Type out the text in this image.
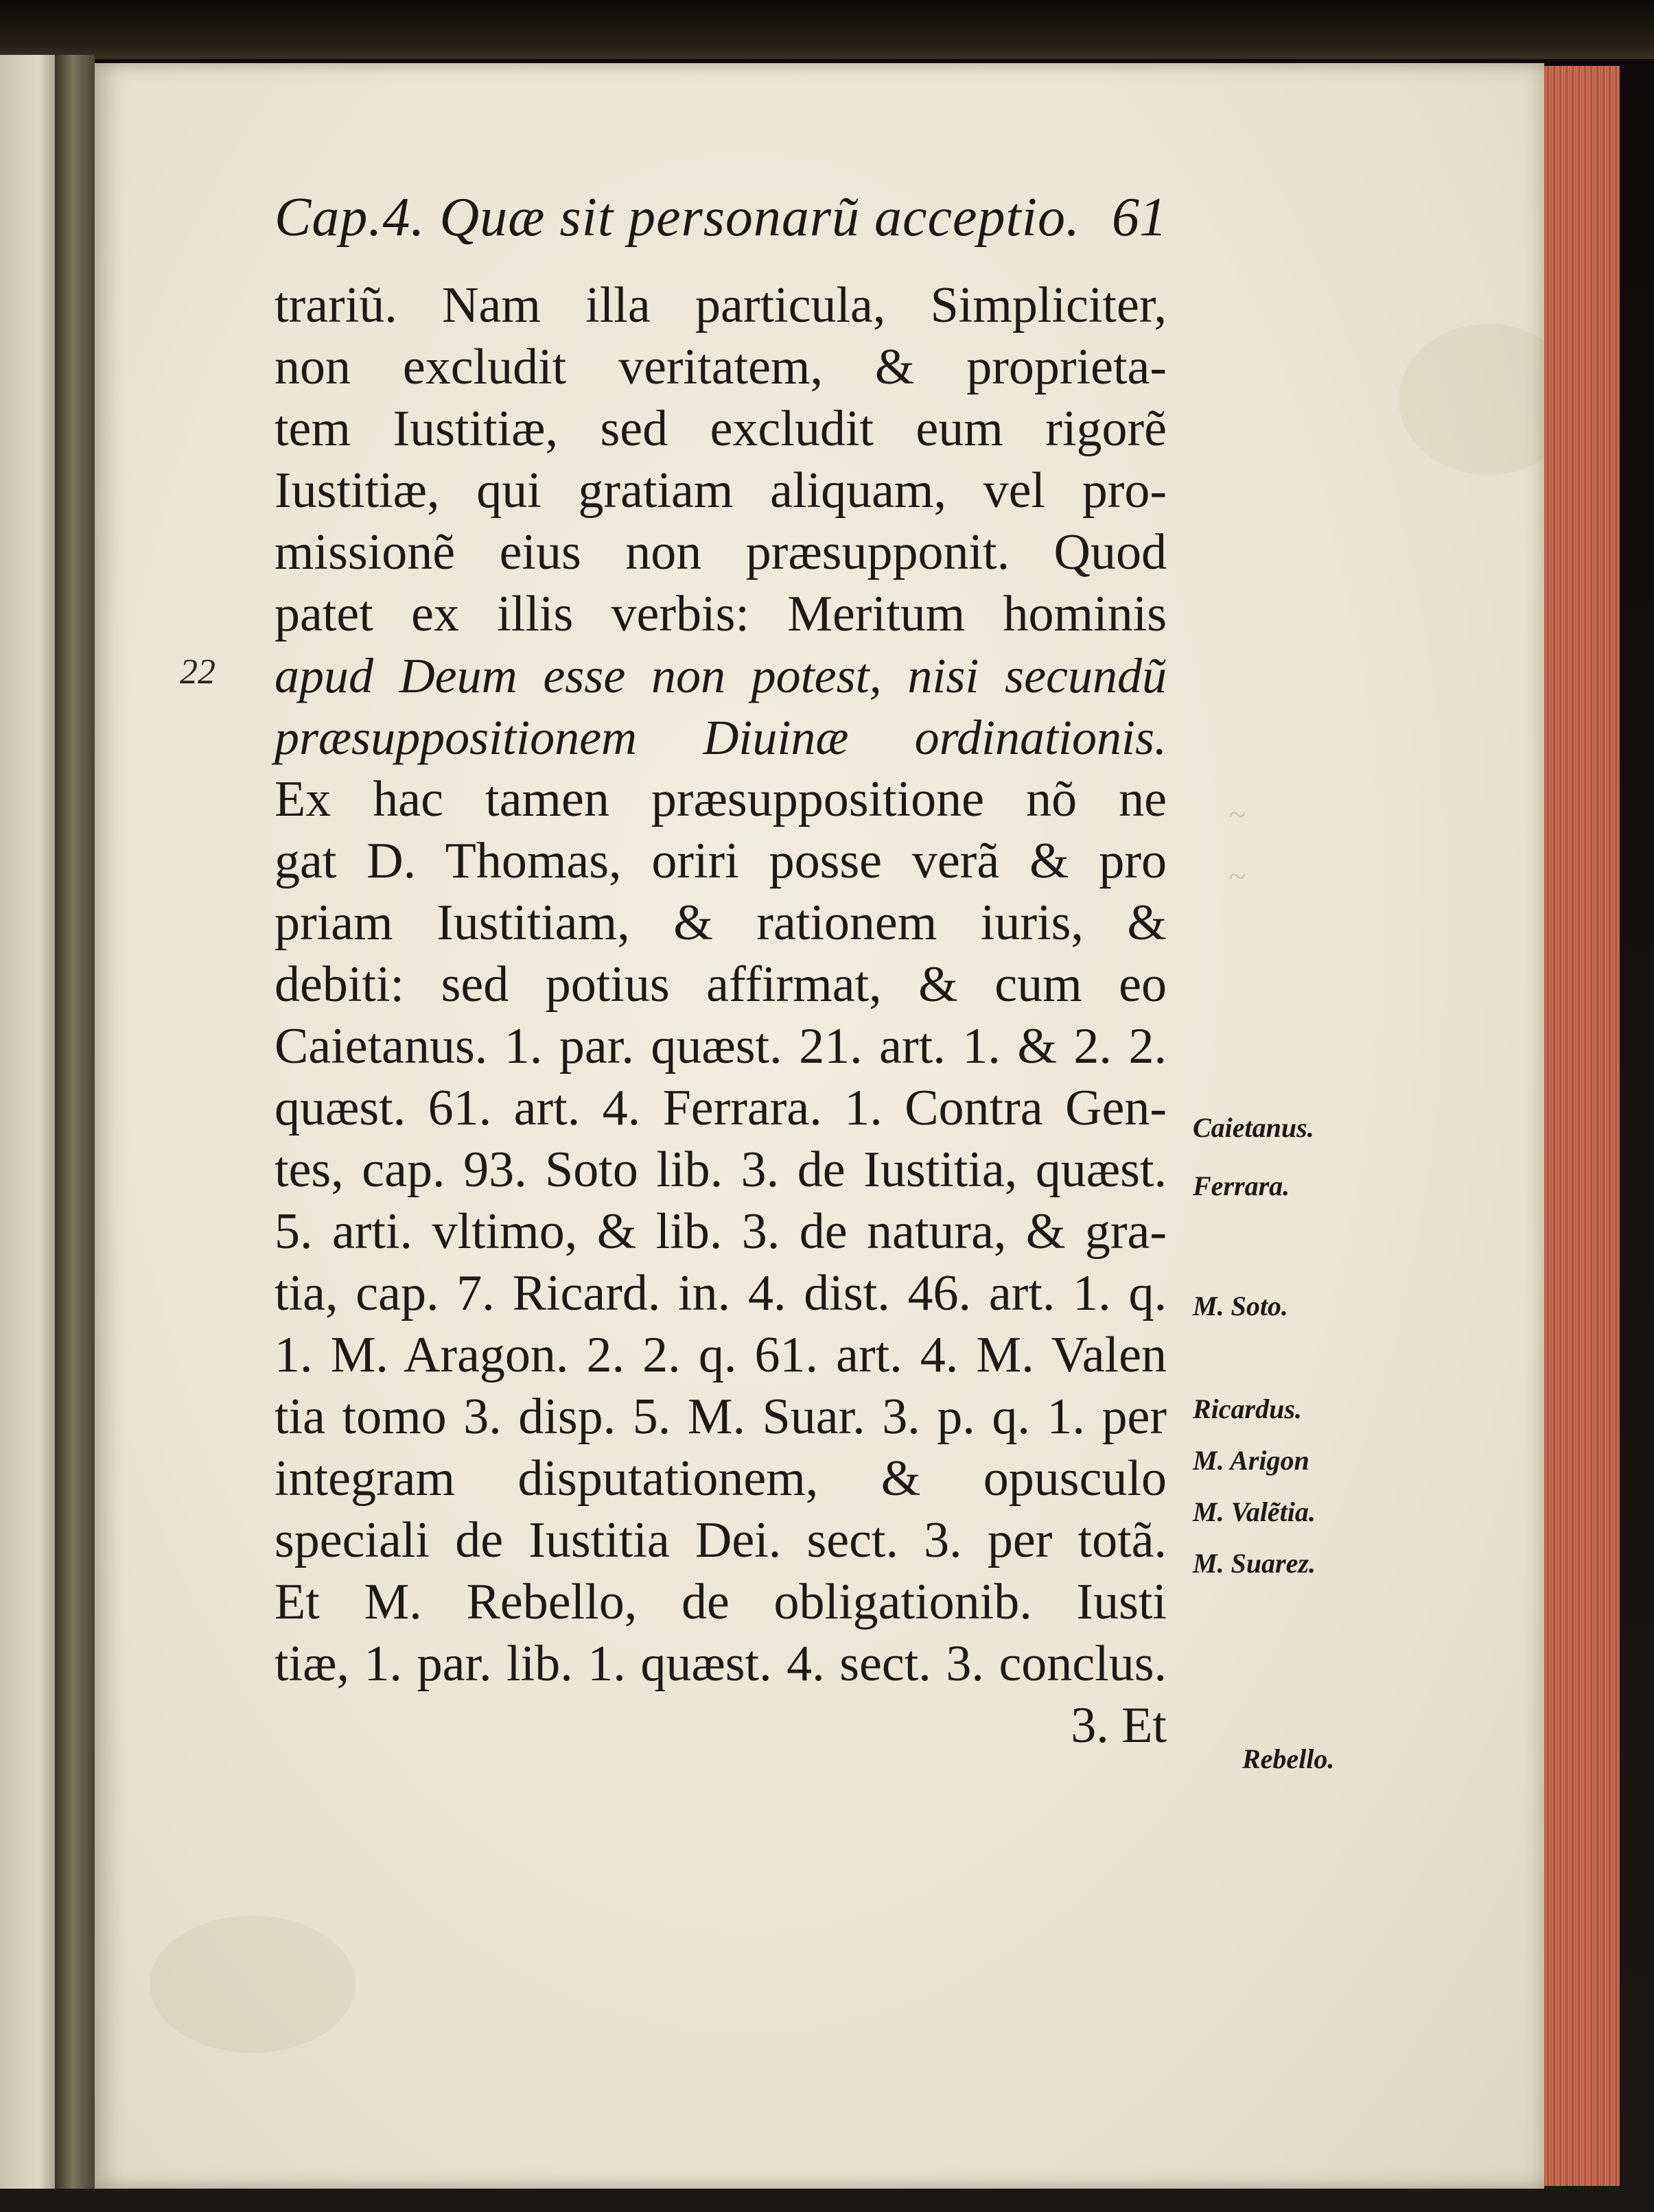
~
~
Cap.4. Quæ sit personarũ acceptio. 61
22
trariũ. Nam illa particula, Simpliciter,
non excludit veritatem, & proprieta-
tem Iustitiæ, sed excludit eum rigorẽ
Iustitiæ, qui gratiam aliquam, vel pro-
missionẽ eius non præsupponit. Quod
patet ex illis verbis: Meritum hominis
apud Deum esse non potest, nisi secundũ
præsuppositionem Diuinæ ordinationis.
Ex hac tamen præsuppositione nõ ne
gat D. Thomas, oriri posse verã & pro
priam Iustitiam, & rationem iuris, &
debiti: sed potius affirmat, & cum eo
Caietanus. 1. par. quæst. 21. art. 1. & 2. 2.
quæst. 61. art. 4. Ferrara. 1. Contra Gen-
tes, cap. 93. Soto lib. 3. de Iustitia, quæst.
5. arti. vltimo, & lib. 3. de natura, & gra-
tia, cap. 7. Ricard. in. 4. dist. 46. art. 1. q.
1. M. Aragon. 2. 2. q. 61. art. 4. M. Valen
tia tomo 3. disp. 5. M. Suar. 3. p. q. 1. per
integram disputationem, & opusculo
speciali de Iustitia Dei. sect. 3. per totã.
Et M. Rebello, de obligationib. Iusti
tiæ, 1. par. lib. 1. quæst. 4. sect. 3. conclus.
3. Et
Caietanus.
Ferrara.
M. Soto.
Ricardus.
M. Arigon
M. Valẽtia.
M. Suarez.
Rebello.
